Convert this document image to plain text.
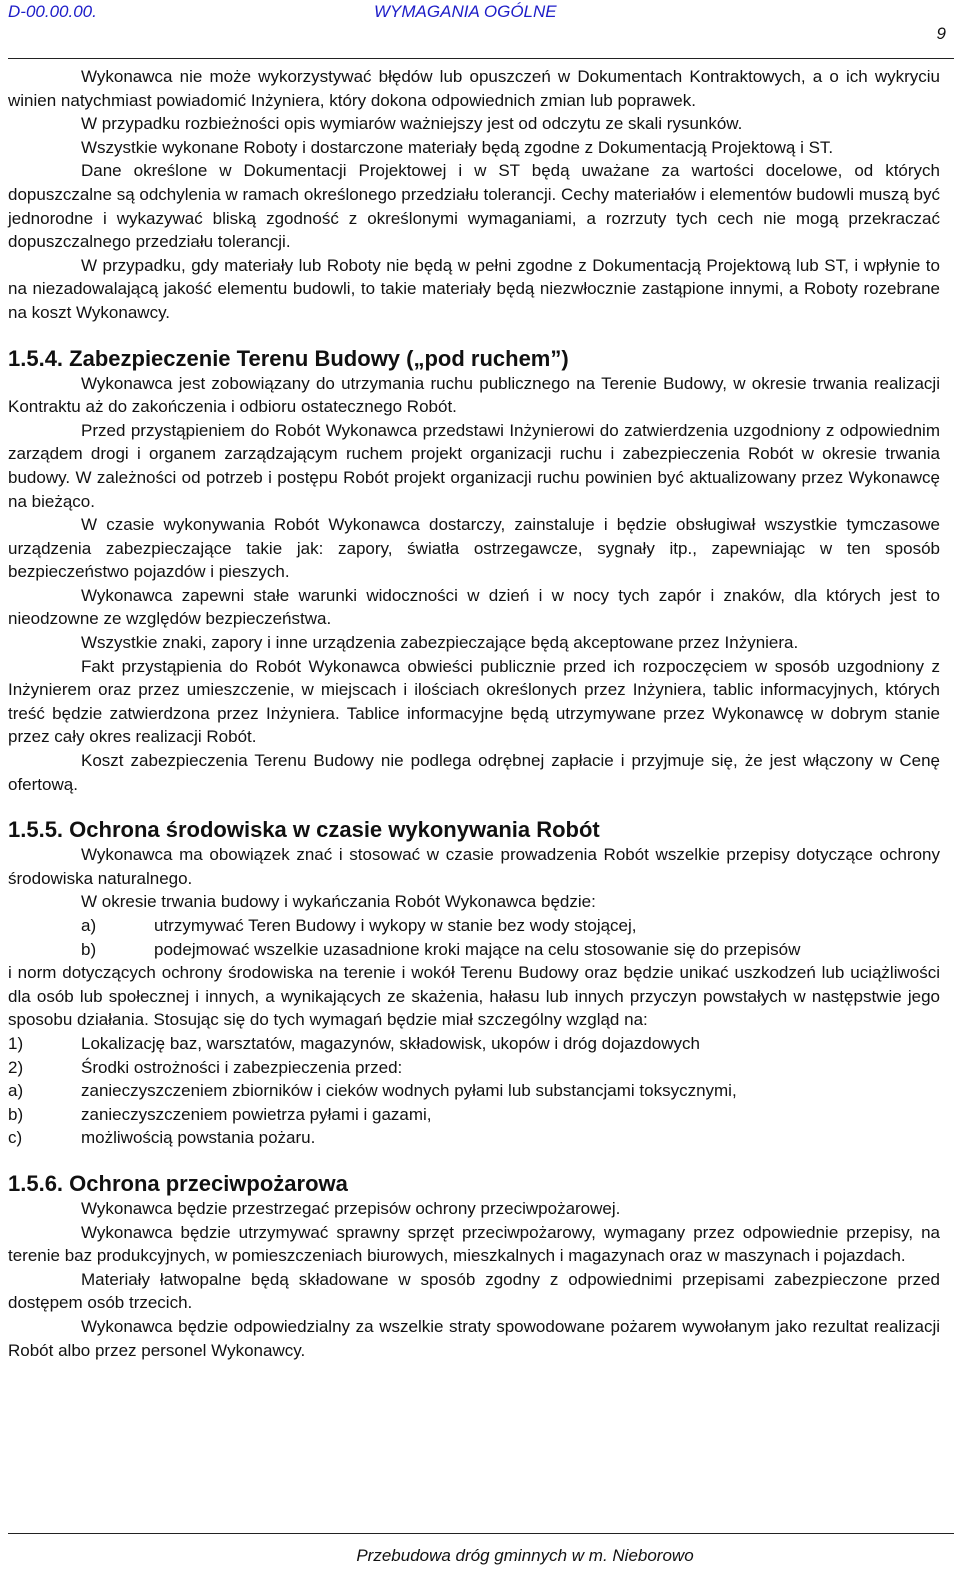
D-00.00.00.	WYMAGANIA OGÓLNE
9

Wykonawca nie może wykorzystywać błędów lub opuszczeń w Dokumentach Kontraktowych, a o ich wykryciu winien natychmiast powiadomić Inżyniera, który dokona odpowiednich zmian lub poprawek.

W przypadku rozbieżności opis wymiarów ważniejszy jest od odczytu ze skali rysunków.

Wszystkie wykonane Roboty i dostarczone materiały będą zgodne z Dokumentacją Projektową i ST.

Dane określone w Dokumentacji Projektowej i w ST będą uważane za wartości docelowe, od których dopuszczalne są odchylenia w ramach określonego przedziału tolerancji. Cechy materiałów i elementów budowli muszą być jednorodne i wykazywać bliską zgodność z określonymi wymaganiami, a rozrzuty tych cech nie mogą przekraczać dopuszczalnego przedziału tolerancji.

W przypadku, gdy materiały lub Roboty nie będą w pełni zgodne z Dokumentacją Projektową lub ST, i wpłynie to na niezadowalającą jakość elementu budowli, to takie materiały będą niezwłocznie zastąpione innymi, a Roboty rozebrane na koszt Wykonawcy.

1.5.4. Zabezpieczenie Terenu Budowy („pod ruchem”)

Wykonawca jest zobowiązany do utrzymania ruchu publicznego na Terenie Budowy, w okresie trwania realizacji Kontraktu aż do zakończenia i odbioru ostatecznego Robót.

Przed przystąpieniem do Robót Wykonawca przedstawi Inżynierowi do zatwierdzenia uzgodniony z odpowiednim zarządem drogi i organem zarządzającym ruchem projekt organizacji ruchu i zabezpieczenia Robót w okresie trwania budowy. W zależności od potrzeb i postępu Robót projekt organizacji ruchu powinien być aktualizowany przez Wykonawcę na bieżąco.

W czasie wykonywania Robót Wykonawca dostarczy, zainstaluje i będzie obsługiwał wszystkie tymczasowe urządzenia zabezpieczające takie jak: zapory, światła ostrzegawcze, sygnały itp., zapewniając w ten sposób bezpieczeństwo pojazdów i pieszych.

Wykonawca zapewni stałe warunki widoczności w dzień i w nocy tych zapór i znaków, dla których jest to nieodzowne ze względów bezpieczeństwa.

Wszystkie znaki, zapory i inne urządzenia zabezpieczające będą akceptowane przez Inżyniera.

Fakt przystąpienia do Robót Wykonawca obwieści publicznie przed ich rozpoczęciem w sposób uzgodniony z Inżynierem oraz przez umieszczenie, w miejscach i ilościach określonych przez Inżyniera, tablic informacyjnych, których treść będzie zatwierdzona przez Inżyniera. Tablice informacyjne będą utrzymywane przez Wykonawcę w dobrym stanie przez cały okres realizacji Robót.

Koszt zabezpieczenia Terenu Budowy nie podlega odrębnej zapłacie i przyjmuje się, że jest włączony w Cenę ofertową.

1.5.5. Ochrona środowiska w czasie wykonywania Robót

Wykonawca ma obowiązek znać i stosować w czasie prowadzenia Robót wszelkie przepisy dotyczące ochrony środowiska naturalnego.

W okresie trwania budowy i wykańczania Robót Wykonawca będzie:

a)	utrzymywać Teren Budowy i wykopy w stanie bez wody stojącej,
b)	podejmować wszelkie uzasadnione kroki mające na celu stosowanie się do przepisów

i norm dotyczących ochrony środowiska na terenie i wokół Terenu Budowy oraz będzie unikać uszkodzeń lub uciążliwości dla osób lub społecznej i innych, a wynikających ze skażenia, hałasu lub innych przyczyn powstałych w następstwie jego sposobu działania. Stosując się do tych wymagań będzie miał szczególny wzgląd na:

1)	Lokalizację baz, warsztatów, magazynów, składowisk, ukopów i dróg dojazdowych
2)	Środki ostrożności i zabezpieczenia przed:
a)	zanieczyszczeniem zbiorników i cieków wodnych pyłami lub substancjami toksycznymi,
b)	zanieczyszczeniem powietrza pyłami i gazami,
c)	możliwością powstania pożaru.
1.5.6. Ochrona przeciwpożarowa

Wykonawca będzie przestrzegać przepisów ochrony przeciwpożarowej.

Wykonawca będzie utrzymywać sprawny sprzęt przeciwpożarowy, wymagany przez odpowiednie przepisy, na terenie baz produkcyjnych, w pomieszczeniach biurowych, mieszkalnych i magazynach oraz w maszynach i pojazdach.

Materiały łatwopalne będą składowane w sposób zgodny z odpowiednimi przepisami zabezpieczone przed dostępem osób trzecich.

Wykonawca będzie odpowiedzialny za wszelkie straty spowodowane pożarem wywołanym jako rezultat realizacji Robót albo przez personel Wykonawcy.

Przebudowa dróg gminnych w m. Nieborowo
